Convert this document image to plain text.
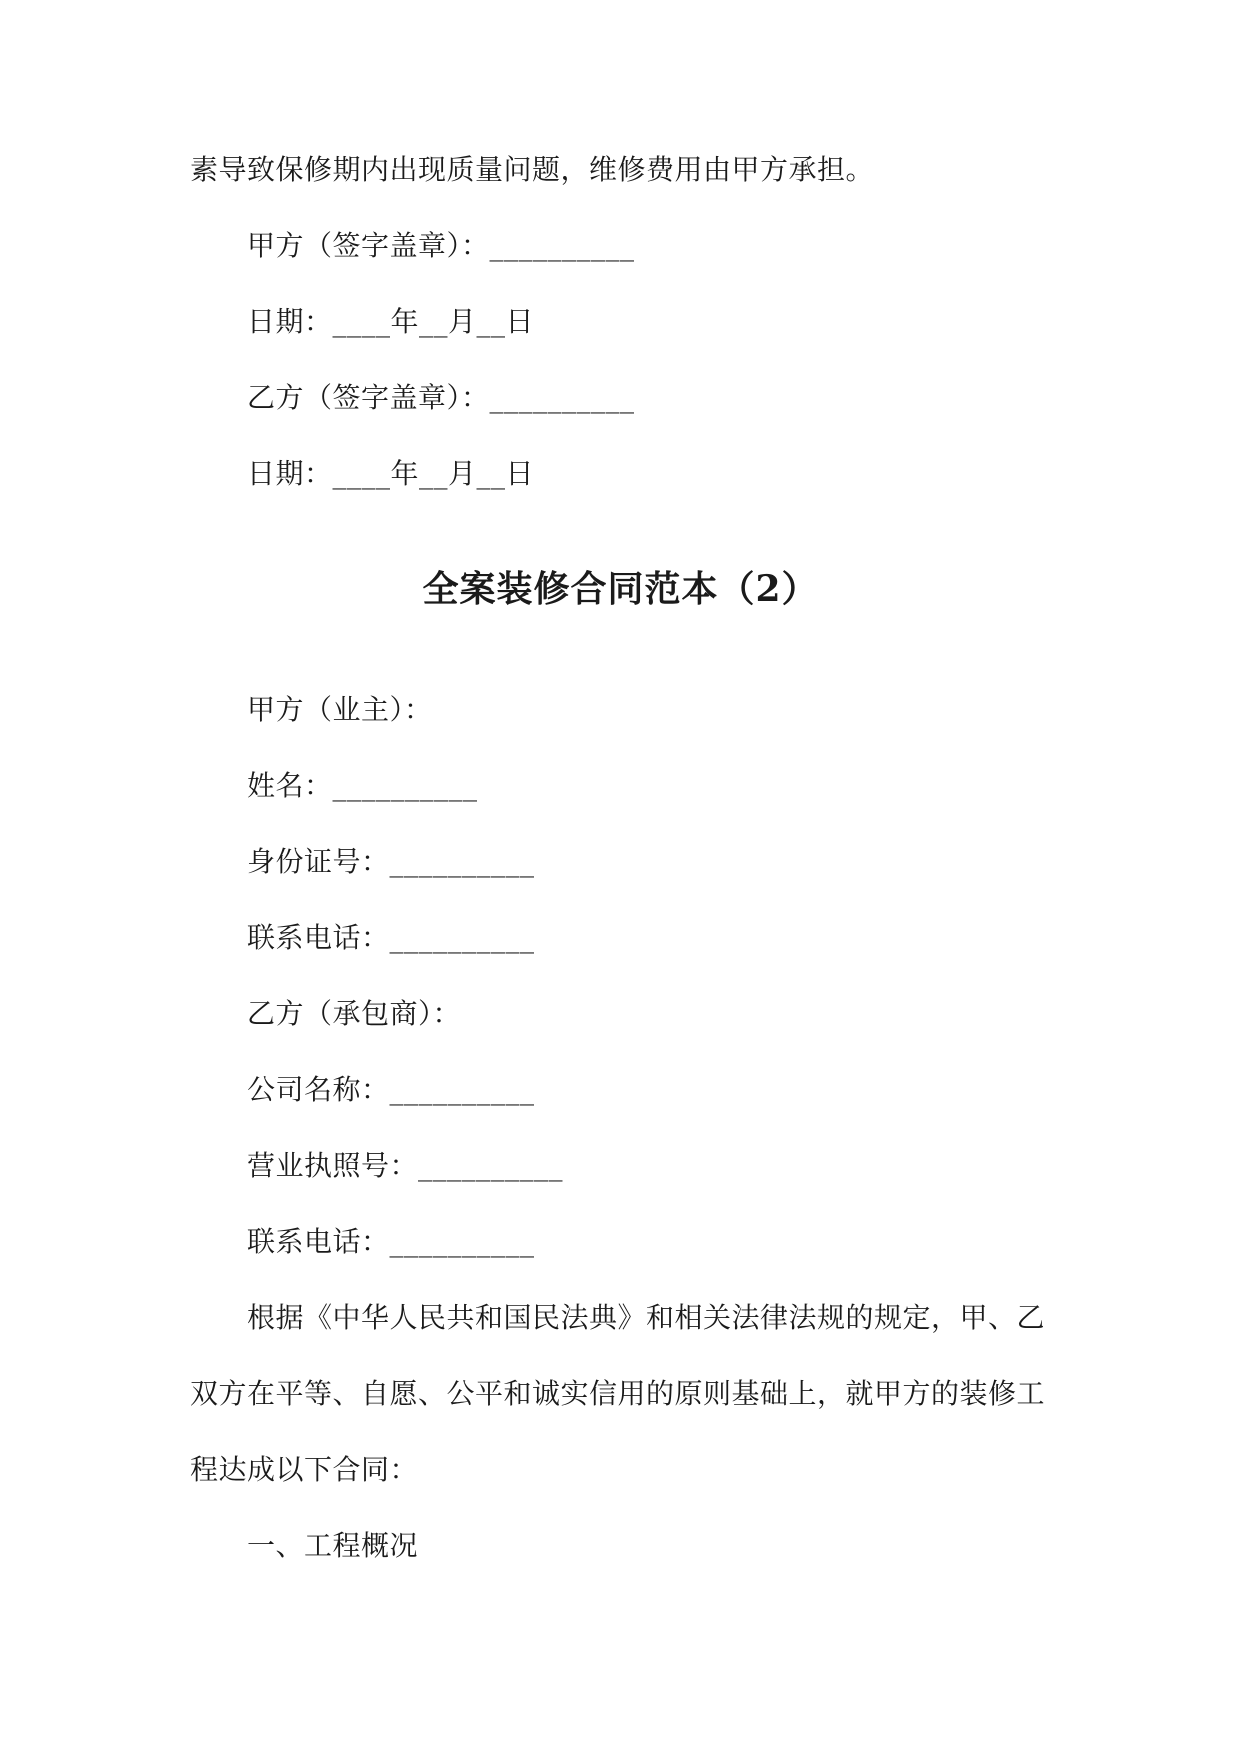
素导致保修期内出现质量问题，维修费用由甲方承担。
甲方（签字盖章）：__________
日期：____年__月__日
乙方（签字盖章）：__________
日期：____年__月__日
全案装修合同范本（2）
甲方（业主）：
姓名：__________
身份证号：__________
联系电话：__________
乙方（承包商）：
公司名称：__________
营业执照号：__________
联系电话：__________
根据《中华人民共和国民法典》和相关法律法规的规定，甲、乙
双方在平等、自愿、公平和诚实信用的原则基础上，就甲方的装修工
程达成以下合同：
一、工程概况
